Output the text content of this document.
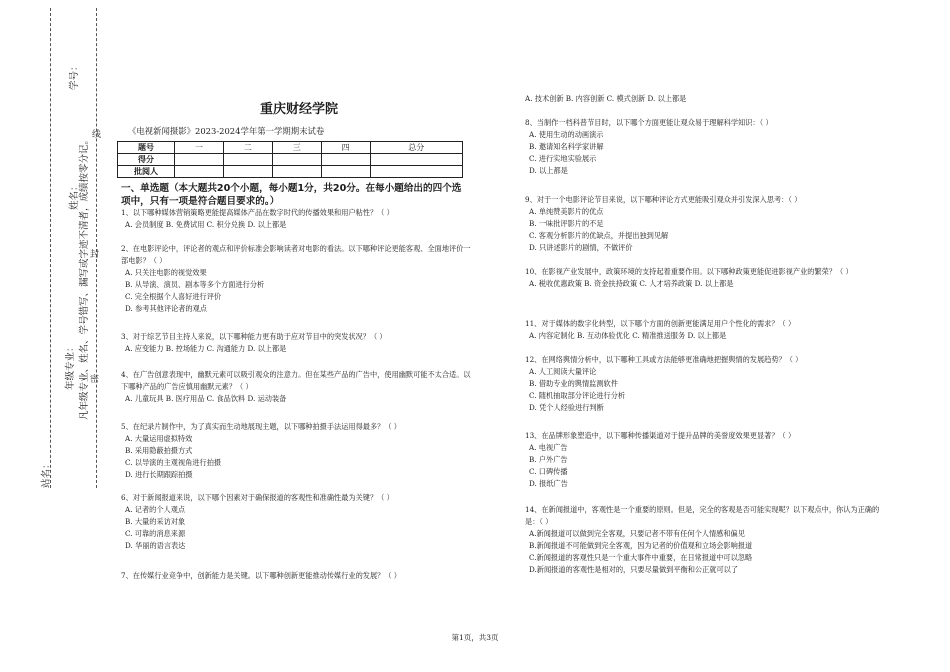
站名：
年级专业： 凡年级专业、姓名、学号错写、漏写或字迹不清者，成绩按零分记。
姓名：
学号：
密
封
线
重庆财经学院
《电视新闻摄影》2023-2024学年第一学期期末试卷
题号	一	二	三	四	总分
得分					
批阅人					
一、单选题（本大题共20个小题，每小题1分，共20分。在每小题给出的四个选项中，只有一项是符合题目要求的。）
1、以下哪种媒体营销策略更能提高媒体产品在数字时代的传播效果和用户粘性？（ ）
A. 会员制度 B. 免费试用 C. 积分兑换 D. 以上都是
2、在电影评论中，评论者的观点和评价标准会影响读者对电影的看法。以下哪种评论更能客观、全面地评价一部电影？（ ）
A. 只关注电影的视觉效果
B. 从导演、演员、剧本等多个方面进行分析
C. 完全根据个人喜好进行评价
D. 参考其他评论者的观点
3、对于综艺节目主持人来说，以下哪种能力更有助于应对节目中的突发状况？（ ）
A. 应变能力 B. 控场能力 C. 沟通能力 D. 以上都是
4、在广告创意表现中，幽默元素可以吸引观众的注意力。但在某些产品的广告中，使用幽默可能不太合适。以下哪种产品的广告应慎用幽默元素？（ ）
A. 儿童玩具 B. 医疗用品 C. 食品饮料 D. 运动装备
5、在纪录片制作中，为了真实而生动地展现主题，以下哪种拍摄手法运用得最多？（ ）
A. 大量运用虚拟特效
B. 采用隐蔽拍摄方式
C. 以导演的主观视角进行拍摄
D. 进行长期跟踪拍摄
6、对于新闻报道来说，以下哪个因素对于确保报道的客观性和准确性最为关键？（ ）
A. 记者的个人观点
B. 大量的采访对象
C. 可靠的消息来源
D. 华丽的语言表达
7、在传媒行业竞争中，创新能力是关键。以下哪种创新更能推动传媒行业的发展？（ ）
A. 技术创新 B. 内容创新 C. 模式创新 D. 以上都是
8、当制作一档科普节目时，以下哪个方面更能让观众易于理解科学知识：（ ）
A. 使用生动的动画演示
B. 邀请知名科学家讲解
C. 进行实地实验展示
D. 以上都是
9、对于一个电影评论节目来说，以下哪种评论方式更能吸引观众并引发深入思考：（ ）
A. 单纯赞美影片的优点
B. 一味批评影片的不足
C. 客观分析影片的优缺点，并提出独到见解
D. 只讲述影片的剧情，不做评价
10、在影视产业发展中，政策环境的支持起着重要作用。以下哪种政策更能促进影视产业的繁荣？（ ）
A. 税收优惠政策 B. 资金扶持政策 C. 人才培养政策 D. 以上都是
11、对于媒体的数字化转型，以下哪个方面的创新更能满足用户个性化的需求？（ ）
A. 内容定制化 B. 互动体验优化 C. 精准推送服务 D. 以上都是
12、在网络舆情分析中，以下哪种工具或方法能够更准确地把握舆情的发展趋势？（ ）
A. 人工阅读大量评论
B. 借助专业的舆情监测软件
C. 随机抽取部分评论进行分析
D. 凭个人经验进行判断
13、在品牌形象塑造中，以下哪种传播渠道对于提升品牌的美誉度效果更显著？（ ）
A. 电视广告
B. 户外广告
C. 口碑传播
D. 报纸广告
14、在新闻报道中，客观性是一个重要的原则。但是，完全的客观是否可能实现呢？以下观点中，你认为正确的是：（ ）
A.新闻报道可以做到完全客观，只要记者不带有任何个人情感和偏见
B.新闻报道不可能做到完全客观，因为记者的价值观和立场会影响报道
C.新闻报道的客观性只是一个重大事件中重要，在日常报道中可以忽略
D.新闻报道的客观性是相对的，只要尽量做到平衡和公正就可以了
第1页，共3页
